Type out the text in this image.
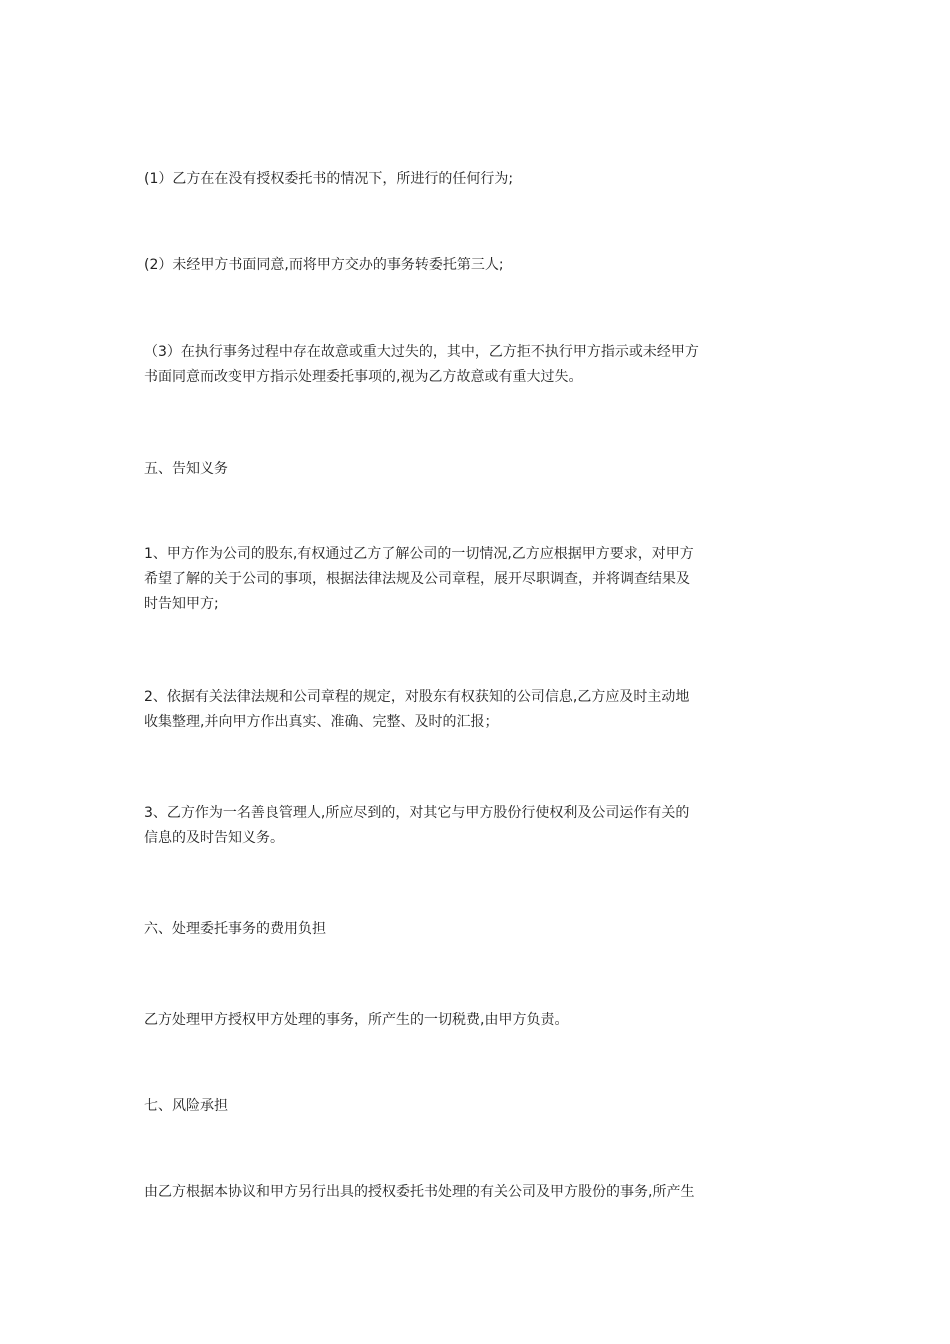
(1）乙方在在没有授权委托书的情况下，所进行的任何行为;

(2）未经甲方书面同意,而将甲方交办的事务转委托第三人;

（3）在执行事务过程中存在故意或重大过失的，其中，乙方拒不执行甲方指示或未经甲方
书面同意而改变甲方指示处理委托事项的,视为乙方故意或有重大过失。

五、告知义务

1、甲方作为公司的股东,有权通过乙方了解公司的一切情况,乙方应根据甲方要求，对甲方
希望了解的关于公司的事项，根据法律法规及公司章程，展开尽职调查，并将调查结果及
时告知甲方;

2、依据有关法律法规和公司章程的规定，对股东有权获知的公司信息,乙方应及时主动地
收集整理,并向甲方作出真实、准确、完整、及时的汇报；

3、乙方作为一名善良管理人,所应尽到的，对其它与甲方股份行使权利及公司运作有关的
信息的及时告知义务。

六、处理委托事务的费用负担

乙方处理甲方授权甲方处理的事务，所产生的一切税费,由甲方负责。

七、风险承担

由乙方根据本协议和甲方另行出具的授权委托书处理的有关公司及甲方股份的事务,所产生
